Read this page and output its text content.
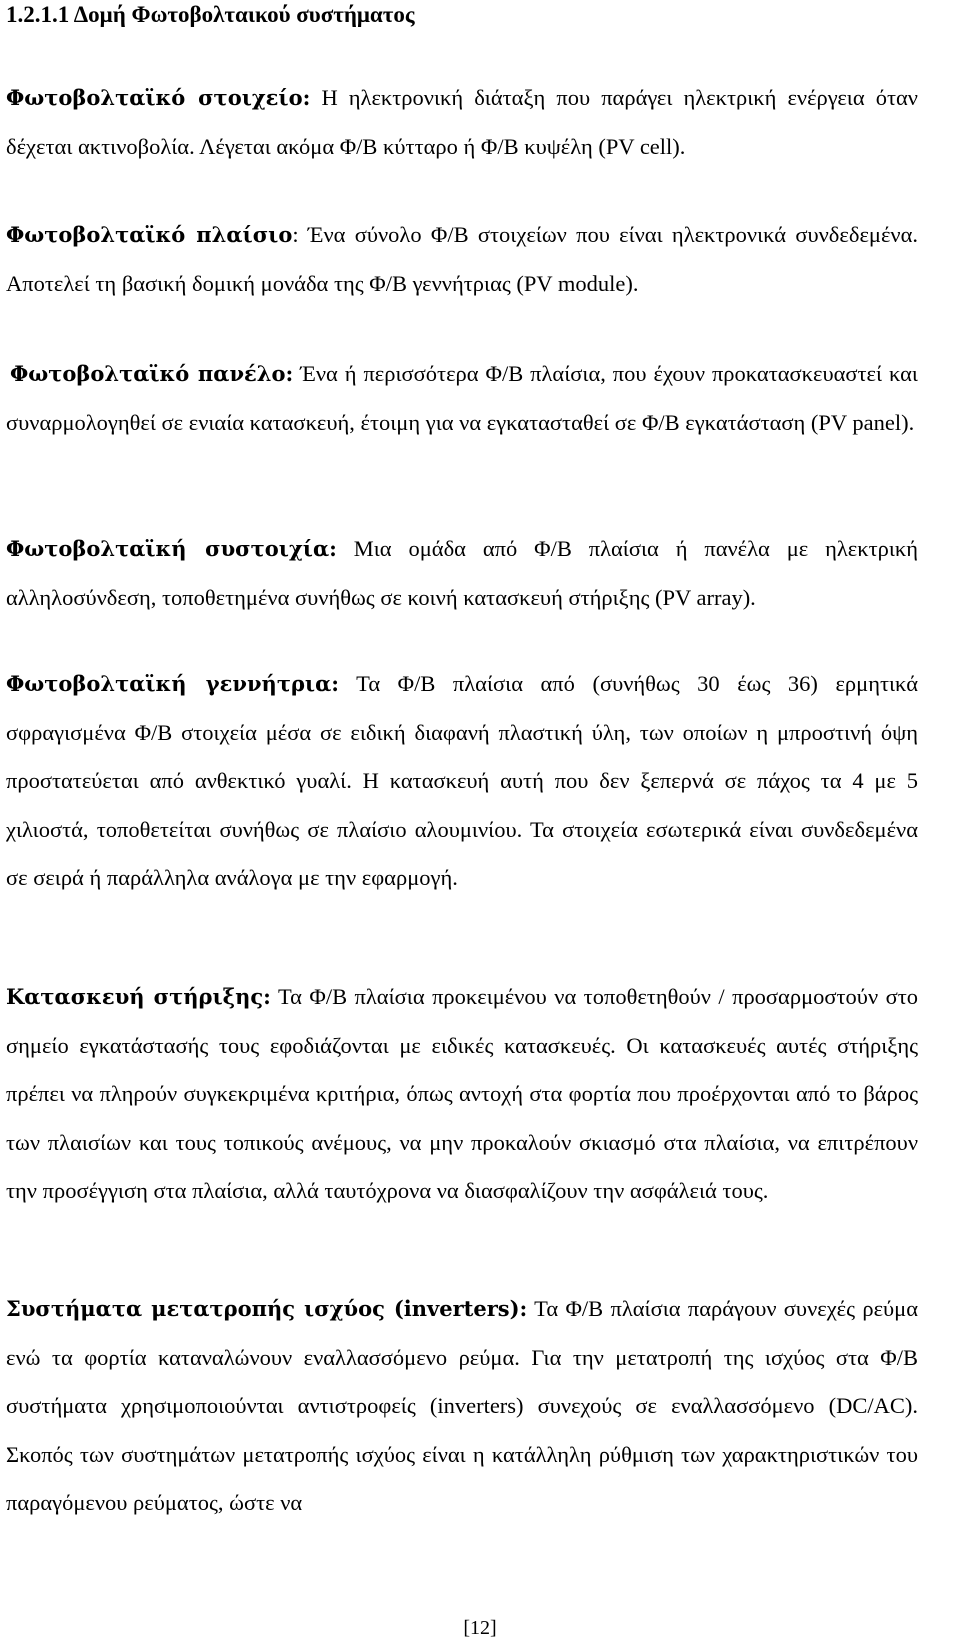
1.2.1.1 Δομή Φωτοβολταικού συστήματος
Φωτοβολταϊκό στοιχείο: Η ηλεκτρονική διάταξη που παράγει ηλεκτρική ενέργεια όταν δέχεται ακτινοβολία. Λέγεται ακόμα Φ/Β κύτταρο ή Φ/Β κυψέλη (PV cell).
Φωτοβολταϊκό πλαίσιο: Ένα σύνολο Φ/Β στοιχείων που είναι ηλεκτρονικά συνδεδεμένα. Αποτελεί τη βασική δομική μονάδα της Φ/Β γεννήτριας (PV module).
Φωτοβολταϊκό πανέλο: Ένα ή περισσότερα Φ/Β πλαίσια, που έχουν προκατασκευαστεί και συναρμολογηθεί σε ενιαία κατασκευή, έτοιμη για να εγκατασταθεί σε Φ/Β εγκατάσταση (PV panel).
Φωτοβολταϊκή συστοιχία: Μια ομάδα από Φ/Β πλαίσια ή πανέλα με ηλεκτρική αλληλοσύνδεση, τοποθετημένα συνήθως σε κοινή κατασκευή στήριξης (PV array).
Φωτοβολταϊκή γεννήτρια: Τα Φ/Β πλαίσια από (συνήθως 30 έως 36) ερμητικά σφραγισμένα Φ/Β στοιχεία μέσα σε ειδική διαφανή πλαστική ύλη, των οποίων η μπροστινή όψη προστατεύεται από ανθεκτικό γυαλί. Η κατασκευή αυτή που δεν ξεπερνά σε πάχος τα 4 με 5 χιλιοστά, τοποθετείται συνήθως σε πλαίσιο αλουμινίου. Τα στοιχεία εσωτερικά είναι συνδεδεμένα σε σειρά ή παράλληλα ανάλογα με την εφαρμογή.
Κατασκευή στήριξης: Τα Φ/Β πλαίσια προκειμένου να τοποθετηθούν / προσαρμοστούν στο σημείο εγκατάστασής τους εφοδιάζονται με ειδικές κατασκευές. Οι κατασκευές αυτές στήριξης πρέπει να πληρούν συγκεκριμένα κριτήρια, όπως αντοχή στα φορτία που προέρχονται από το βάρος των πλαισίων και τους τοπικούς ανέμους, να μην προκαλούν σκιασμό στα πλαίσια, να επιτρέπουν την προσέγγιση στα πλαίσια, αλλά ταυτόχρονα να διασφαλίζουν την ασφάλειά τους.
Συστήματα μετατροπής ισχύος (inverters): Τα Φ/Β πλαίσια παράγουν συνεχές ρεύμα ενώ τα φορτία καταναλώνουν εναλλασσόμενο ρεύμα. Για την μετατροπή της ισχύος στα Φ/Β συστήματα χρησιμοποιούνται αντιστροφείς (inverters) συνεχούς σε εναλλασσόμενο (DC/AC). Σκοπός των συστημάτων μετατροπής ισχύος είναι η κατάλληλη ρύθμιση των χαρακτηριστικών του παραγόμενου ρεύματος, ώστε να
[12]
